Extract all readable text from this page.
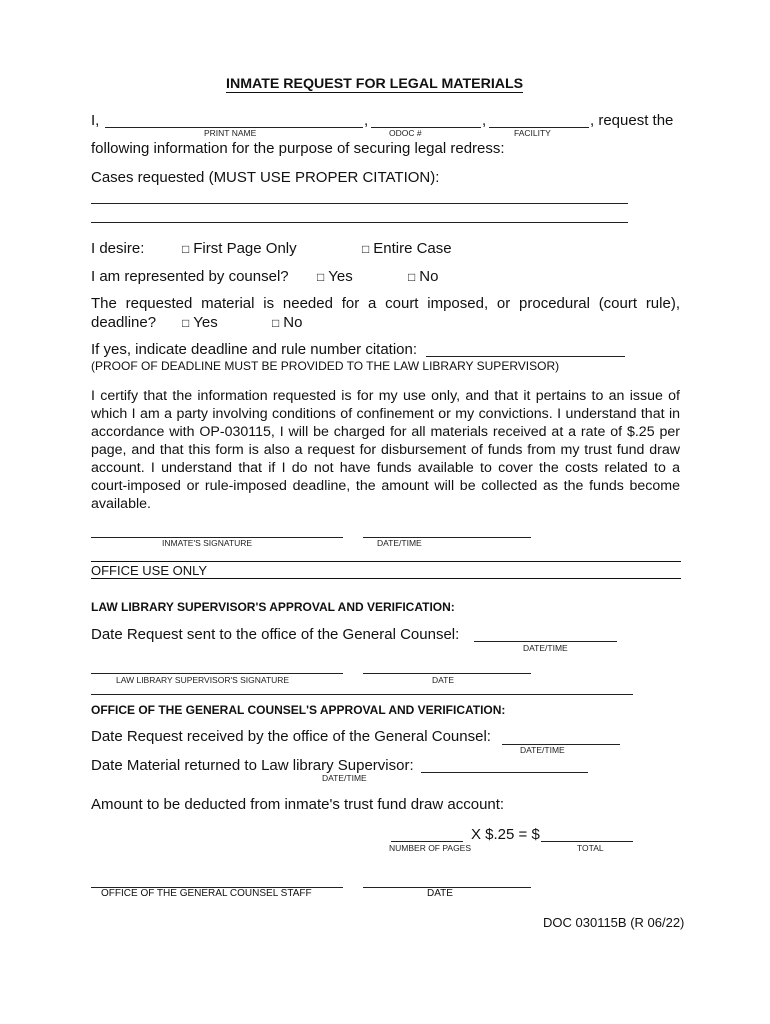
INMATE REQUEST FOR LEGAL MATERIALS
I,	,	,	, request the
PRINT NAME	ODOC #	FACILITY
following information for the purpose of securing legal redress:
Cases requested (MUST USE PROPER CITATION):
I desire:	□ First Page Only	□ Entire Case
I am represented by counsel? □ Yes	□ No
The requested material is needed for a court imposed, or procedural (court rule),
deadline? □ Yes	□ No
If yes, indicate deadline and rule number citation:
(PROOF OF DEADLINE MUST BE PROVIDED TO THE LAW LIBRARY SUPERVISOR)
I certify that the information requested is for my use only, and that it pertains to an issue of which I am a party involving conditions of confinement or my convictions. I understand that in accordance with OP-030115, I will be charged for all materials received at a rate of $.25 per page, and that this form is also a request for disbursement of funds from my trust fund draw account. I understand that if I do not have funds available to cover the costs related to a court-imposed or rule-imposed deadline, the amount will be collected as the funds become available.
INMATE'S SIGNATURE	DATE/TIME
OFFICE USE ONLY
LAW LIBRARY SUPERVISOR'S APPROVAL AND VERIFICATION:
Date Request sent to the office of the General Counsel:
DATE/TIME
LAW LIBRARY SUPERVISOR'S SIGNATURE	DATE
OFFICE OF THE GENERAL COUNSEL'S APPROVAL AND VERIFICATION:
Date Request received by the office of the General Counsel:
DATE/TIME
Date Material returned to Law library Supervisor:
DATE/TIME
Amount to be deducted from inmate's trust fund draw account:
X $.25 = $
NUMBER OF PAGES	TOTAL
OFFICE OF THE GENERAL COUNSEL STAFF	DATE
DOC 030115B (R 06/22)
